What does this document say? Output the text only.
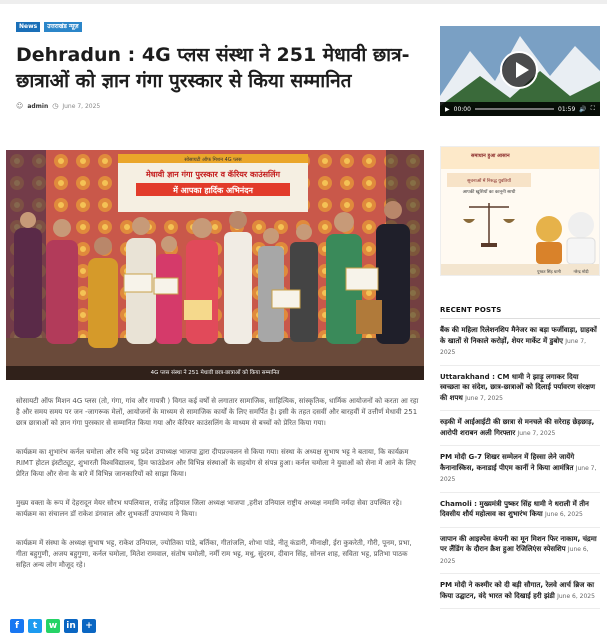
News	उत्तराखंड न्यूज़
Dehradun : 4G प्लस संस्था ने 251 मेधावी छात्र-छात्राओं को ज्ञान गंगा पुरस्कार से किया सम्मानित
☺ admin ◷ June 7, 2025
सोसायटी ऑफ मिशन 4G प्लस
मेधावी ज्ञान गंगा पुरस्कार व कॅरियर काउंसलिंग
में आपका हार्दिक अभिनंदन
4G प्लस संस्था ने 251 मेधावी छात्र-छात्राओं को किया सम्मानित

सोसायटी ऑफ मिशन 4G प्लस (तो, गंगा, गांव और गायत्री ) विगत कई वर्षों से लगातार सामाजिक, साहित्यिक, सांस्कृतिक, धार्मिक आयोजनों को करता आ रहा है और समय समय पर जन -जागरूक मेलों, आयोजनों के माध्यम से सामाजिक कार्यों के लिए समर्पित है। इसी के तहत दसवीं और बारहवीं में उत्तीर्ण मेधावी 251 छात्र छात्राओं को ज्ञान गंगा पुरस्कार से सम्मानित किया गया और कॅरियर काउंसलिंग के माध्यम से बच्चों को प्रेरित किया गया।

कार्यक्रम का शुभारंभ कर्नल चमोला और रुचि भट्ट प्रदेश उपाध्यक्ष भाजपा द्वारा दीपप्रज्वलन से किया गया। संस्था के अध्यक्ष सुभाष भट्ट ने बताया, कि कार्यक्रम RIMT होटल इंस्टीट्यूट, शुभारती विश्वविद्यालय, हिम फाउंडेशन और विभिन्न संस्थाओं के सहयोग से संपन्न हुआ। कर्नल चमोला ने युवाओं को सेना में आने के लिए प्रेरित किया और सेना के बारे में विभिन्न जानकारियों को साझा किया।

मुख्य वक्ता के रूप में देहरादून मेयर सौरभ थपलियाल, राजेंद्र तड़ियाल जिला अध्यक्ष भाजपा ,हरीश उनियाल राष्ट्रीय अध्यक्ष नमामि नर्मदा सेवा उपस्थित रहे। कार्यक्रम का संचालन डॉ राकेश डंगवाल और शुभकर्ती उपाध्याय ने किया।

कार्यक्रम में संस्था के अध्यक्ष सुभाष भट्ट, राकेश उनियाल, ज्योतिका पांडे, बर्तिका, गीतांजलि, शोभा पांडे, नीतू कंडारी, मीनाक्षी, ईरा कुकरेती, गौरी, पूनम, प्रभा, गीता बहुगुणी, अजय बहुगुणा, कर्नल चमोला, मितेश रामवाल, संतोष चमोली, नर्मी राम भट्ट, मधु, सुंदरम, दीवान सिंह, सोनल शाह, सविता भट्ट, प्रतिभा पाठक सहित अन्य लोग मौजूद रहे।

f	t	w	in	+
▶ 00:00	01:59 🔊 ⛶
समाधान हुआ आसान
सूचनाओं में निरुद्ध युवतियों
आपकी खुशियों का कानूनी साथी
पुष्कर सिंह धामी	नरेन्द्र मोदी
RECENT POSTS
बैंक की महिला रिलेशनशिप मैनेजर का बड़ा फर्जीवाड़ा, ग्राहकों के खातों से निकाले करोड़ों, शेयर मार्केट में डुबोए June 7, 2025
Uttarakhand : CM धामी ने झाड़ू लगाकर दिया स्वच्छता का संदेश, छात्र-छात्राओं को दिलाई पर्यावरण संरक्षण की शपथ June 7, 2025
रुड़की में आईआईटी की छात्रा से मनचले की सरेराह छेड़छाड़, आरोपी शराबन अली गिरफ्तार June 7, 2025
PM मोदी G-7 शिखर सम्मेलन में हिस्सा लेने जायेंगे कैनानास्किस, कनाडाई पीएम कार्नी ने किया आमंत्रित June 7, 2025
Chamoli : मुख्यमंत्री पुष्कर सिंह धामी ने धराली में तीन दिवसीय शौर्य महोत्सव का शुभारंभ किया June 6, 2025
जापान की आइस्पेस कंपनी का मून मिशन फिर नाकाम, चंद्रमा पर लैंडिंग के दौरान क्रैश हुआ रेजिलिएंस स्पेसशिप June 6, 2025
PM मोदी ने कश्मीर को दी बड़ी सौगात, रेलवे आर्च ब्रिज का किया उद्घाटन, वंदे भारत को दिखाई हरी झंडी June 6, 2025
